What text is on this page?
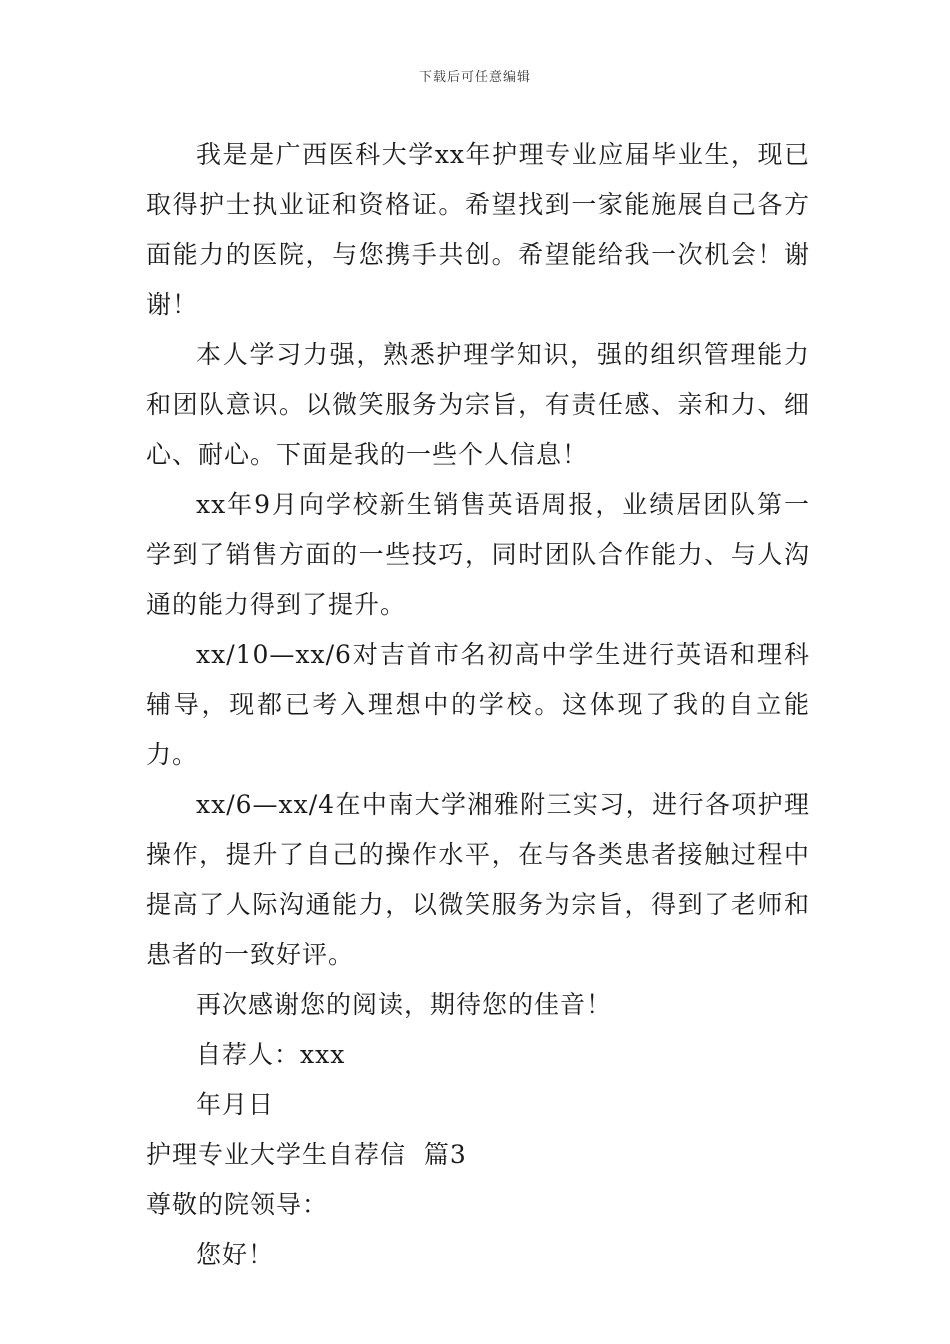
下载后可任意编辑

我是是广西医科大学xx年护理专业应届毕业生，现已取得护士执业证和资格证。希望找到一家能施展自己各方面能力的医院，与您携手共创。希望能给我一次机会！谢谢！

本人学习力强，熟悉护理学知识，强的组织管理能力和团队意识。以微笑服务为宗旨，有责任感、亲和力、细心、耐心。下面是我的一些个人信息！

xx年9月向学校新生销售英语周报，业绩居团队第一学到了销售方面的一些技巧，同时团队合作能力、与人沟通的能力得到了提升。

xx/10—xx/6对吉首市名初高中学生进行英语和理科辅导，现都已考入理想中的学校。这体现了我的自立能力。

xx/6—xx/4在中南大学湘雅附三实习，进行各项护理操作，提升了自己的操作水平，在与各类患者接触过程中提高了人际沟通能力，以微笑服务为宗旨，得到了老师和患者的一致好评。

再次感谢您的阅读，期待您的佳音！

自荐人：xxx

年月日

护理专业大学生自荐信  篇3

尊敬的院领导：

您好！
